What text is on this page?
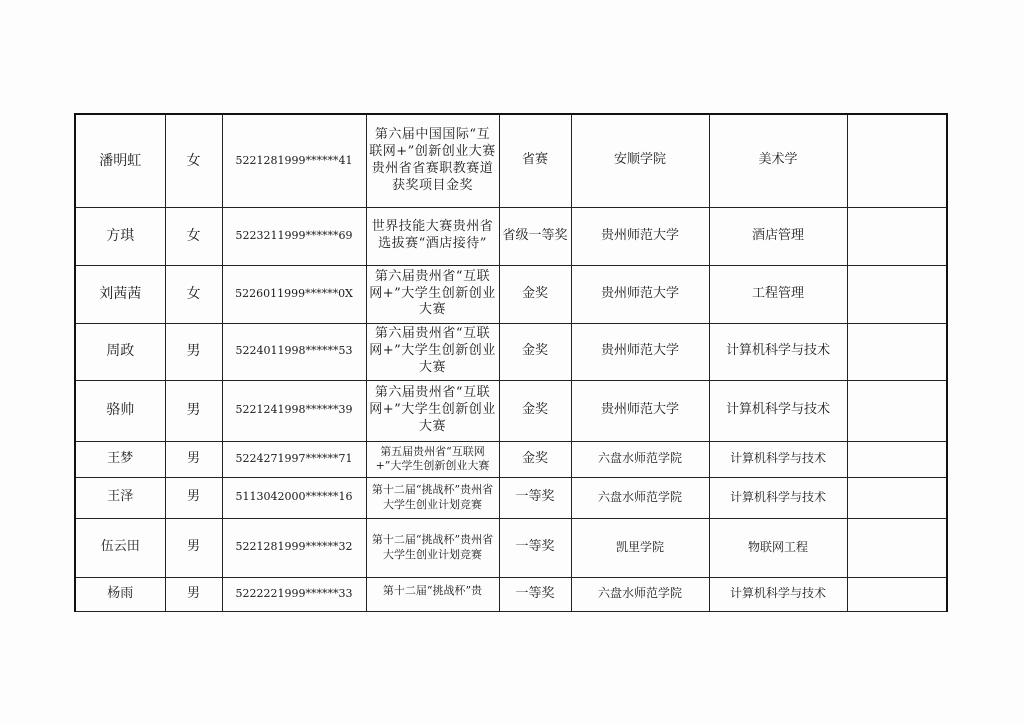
潘明虹	女	5221281999******41	第六届中国国际“互联网+”创新创业大赛贵州省省赛职教赛道获奖项目金奖	省赛	安顺学院	美术学	
方琪	女	5223211999******69	世界技能大赛贵州省选拔赛“酒店接待”	省级一等奖	贵州师范大学	酒店管理	
刘茜茜	女	5226011999******0X	第六届贵州省“互联网+”大学生创新创业大赛	金奖	贵州师范大学	工程管理	
周政	男	5224011998******53	第六届贵州省“互联网+”大学生创新创业大赛	金奖	贵州师范大学	计算机科学与技术	
骆帅	男	5221241998******39	第六届贵州省“互联网+”大学生创新创业大赛	金奖	贵州师范大学	计算机科学与技术	
王梦	男	5224271997******71	第五届贵州省“互联网+”大学生创新创业大赛	金奖	六盘水师范学院	计算机科学与技术	
王泽	男	5113042000******16	第十二届“挑战杯”贵州省大学生创业计划竞赛	一等奖	六盘水师范学院	计算机科学与技术	
伍云田	男	5221281999******32	第十二届“挑战杯”贵州省大学生创业计划竞赛	一等奖	凯里学院	物联网工程	
杨雨	男	5222221999******33	第十二届“挑战杯”贵	一等奖	六盘水师范学院	计算机科学与技术	
